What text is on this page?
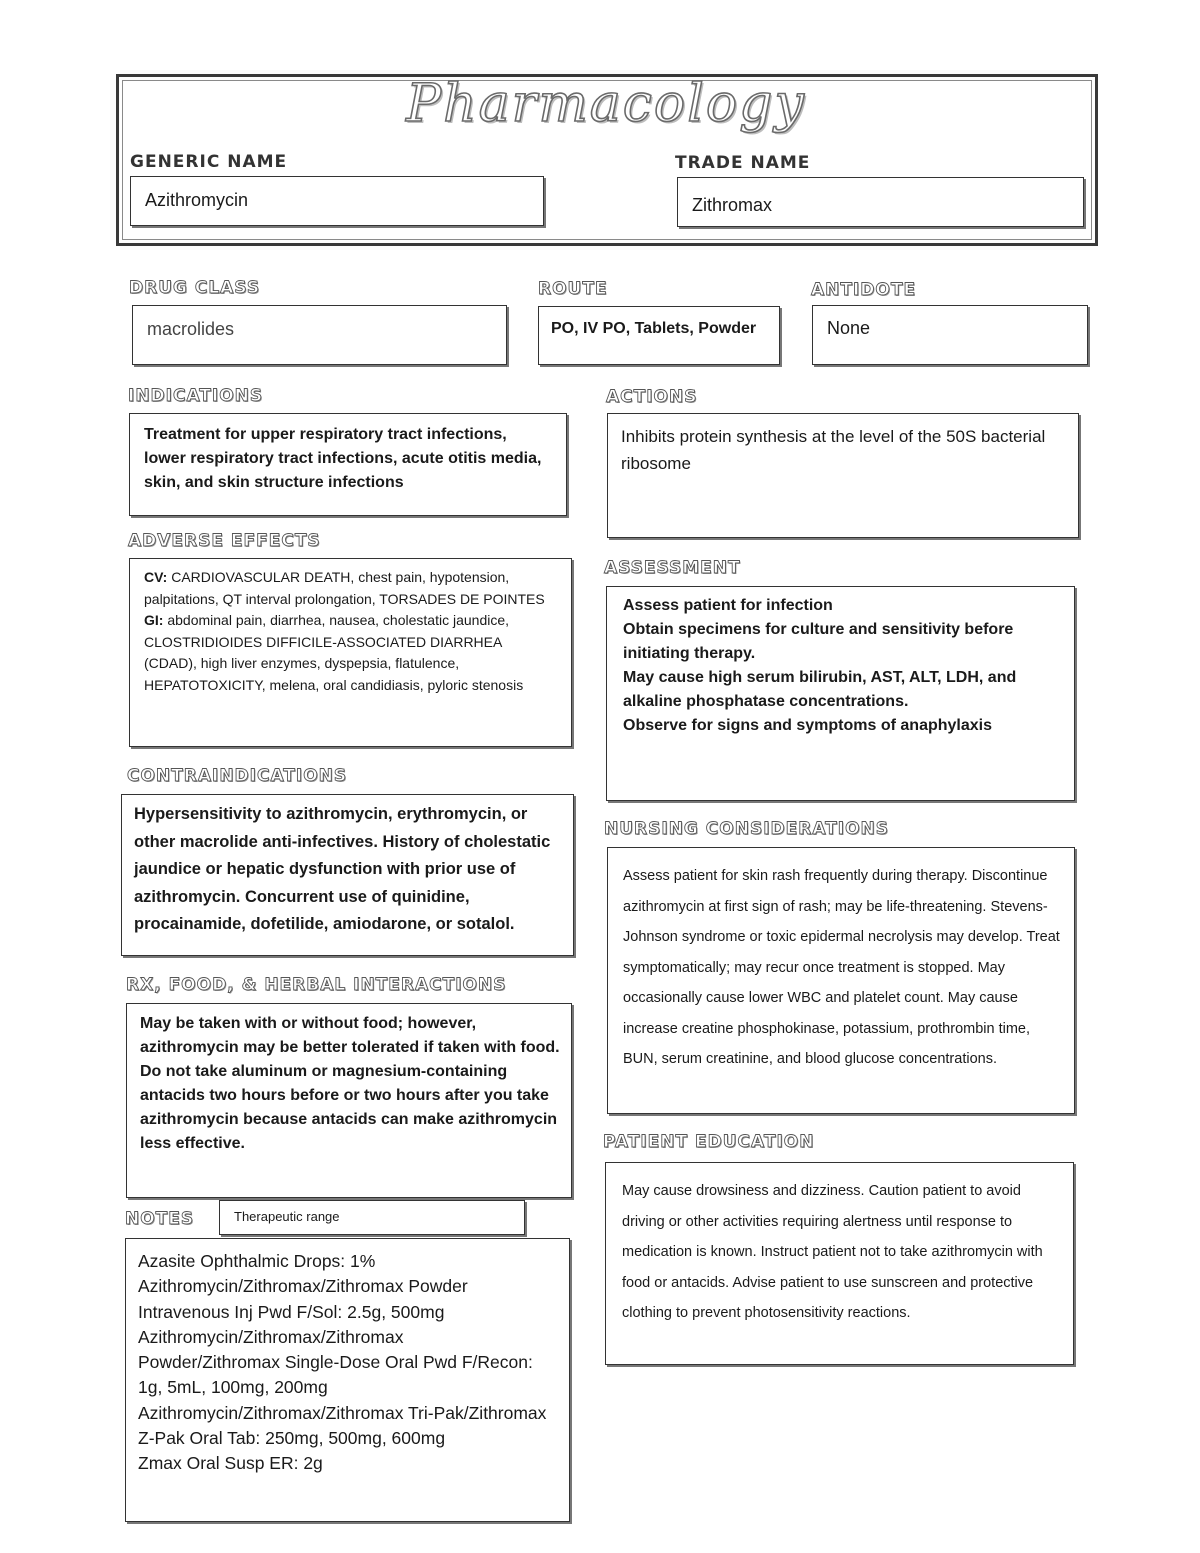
Pharmacology
GENERIC NAME
Azithromycin
TRADE NAME
Zithromax
DRUG CLASS
macrolides
ROUTE
PO, IV PO, Tablets, Powder
ANTIDOTE
None
INDICATIONS
Treatment for upper respiratory tract infections, lower respiratory tract infections, acute otitis media, skin, and skin structure infections
ACTIONS
Inhibits protein synthesis at the level of the 50S bacterial ribosome
ADVERSE EFFECTS
CV: CARDIOVASCULAR DEATH, chest pain, hypotension, palpitations, QT interval prolongation, TORSADES DE POINTES
GI: abdominal pain, diarrhea, nausea, cholestatic jaundice, CLOSTRIDIOIDES DIFFICILE-ASSOCIATED DIARRHEA (CDAD), high liver enzymes, dyspepsia, flatulence, HEPATOTOXICITY, melena, oral candidiasis, pyloric stenosis
ASSESSMENT
Assess patient for infection
Obtain specimens for culture and sensitivity before initiating therapy.
May cause high serum bilirubin, AST, ALT, LDH, and alkaline phosphatase concentrations.
Observe for signs and symptoms of anaphylaxis
CONTRAINDICATIONS
Hypersensitivity to azithromycin, erythromycin, or other macrolide anti-infectives. History of cholestatic jaundice or hepatic dysfunction with prior use of azithromycin. Concurrent use of quinidine, procainamide, dofetilide, amiodarone, or sotalol.
NURSING CONSIDERATIONS
Assess patient for skin rash frequently during therapy. Discontinue azithromycin at first sign of rash; may be life-threatening. Stevens-Johnson syndrome or toxic epidermal necrolysis may develop. Treat symptomatically; may recur once treatment is stopped. May occasionally cause lower WBC and platelet count. May cause increase creatine phosphokinase, potassium, prothrombin time, BUN, serum creatinine, and blood glucose concentrations.
RX, FOOD, & HERBAL INTERACTIONS
May be taken with or without food; however, azithromycin may be better tolerated if taken with food. Do not take aluminum or magnesium-containing antacids two hours before or two hours after you take azithromycin because antacids can make azithromycin less effective.	PATIENT EDUCATION
May cause drowsiness and dizziness. Caution patient to avoid driving or other activities requiring alertness until response to medication is known. Instruct patient not to take azithromycin with food or antacids. Advise patient to use sunscreen and protective clothing to prevent photosensitivity reactions.
NOTES	Therapeutic range
Azasite Ophthalmic Drops: 1%
Azithromycin/Zithromax/Zithromax Powder Intravenous Inj Pwd F/Sol: 2.5g, 500mg
Azithromycin/Zithromax/Zithromax Powder/Zithromax Single-Dose Oral Pwd F/Recon: 1g, 5mL, 100mg, 200mg
Azithromycin/Zithromax/Zithromax Tri-Pak/Zithromax Z-Pak Oral Tab: 250mg, 500mg, 600mg
Zmax Oral Susp ER: 2g
